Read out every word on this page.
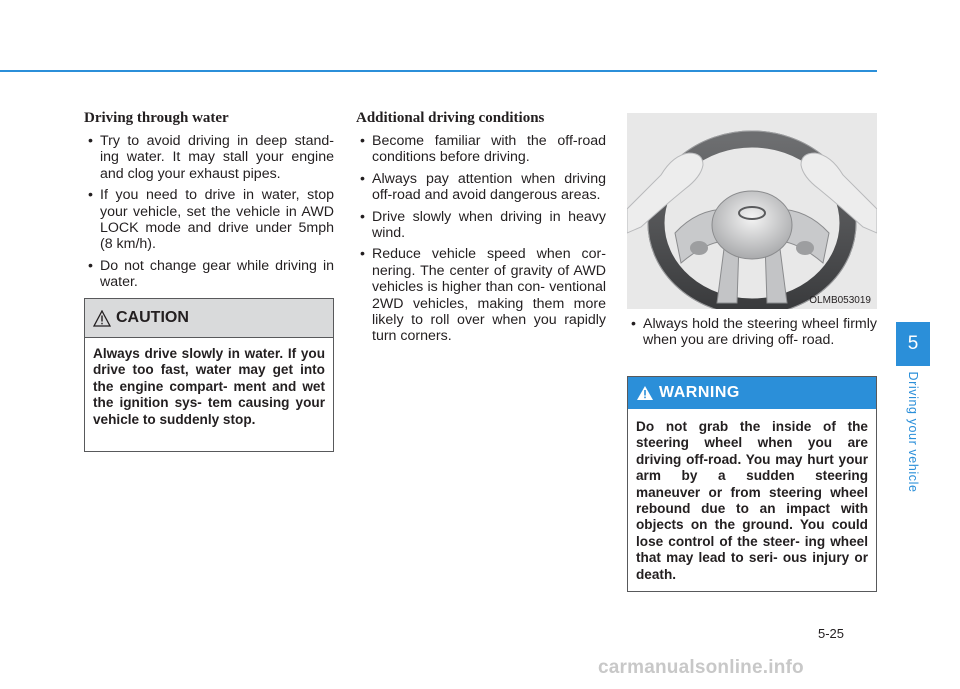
Driving through water
• Try to avoid driving in deep stand- ing water. It may stall your engine and clog your exhaust pipes.
• If you need to drive in water, stop your vehicle, set the vehicle in AWD LOCK mode and drive under 5mph (8 km/h).
• Do not change gear while driving in water.
CAUTION
Always drive slowly in water. If you drive too fast, water may get into the engine compart- ment and wet the ignition sys- tem causing your vehicle to suddenly stop.
Additional driving conditions
• Become familiar with the off-road conditions before driving.
• Always pay attention when driving off-road and avoid dangerous areas.
• Drive slowly when driving in heavy wind.
• Reduce vehicle speed when cor- nering. The center of gravity of AWD vehicles is higher than con- ventional 2WD vehicles, making them more likely to roll over when you rapidly turn corners.
OLMB053019
• Always hold the steering wheel firmly when you are driving off- road.
WARNING
Do not grab the inside of the steering wheel when you are driving off-road. You may hurt your arm by a sudden steering maneuver or from steering wheel rebound due to an impact with objects on the ground. You could lose control of the steer- ing wheel that may lead to seri- ous injury or death.
5
Driving your vehicle
5-25
carmanualsonline.info
